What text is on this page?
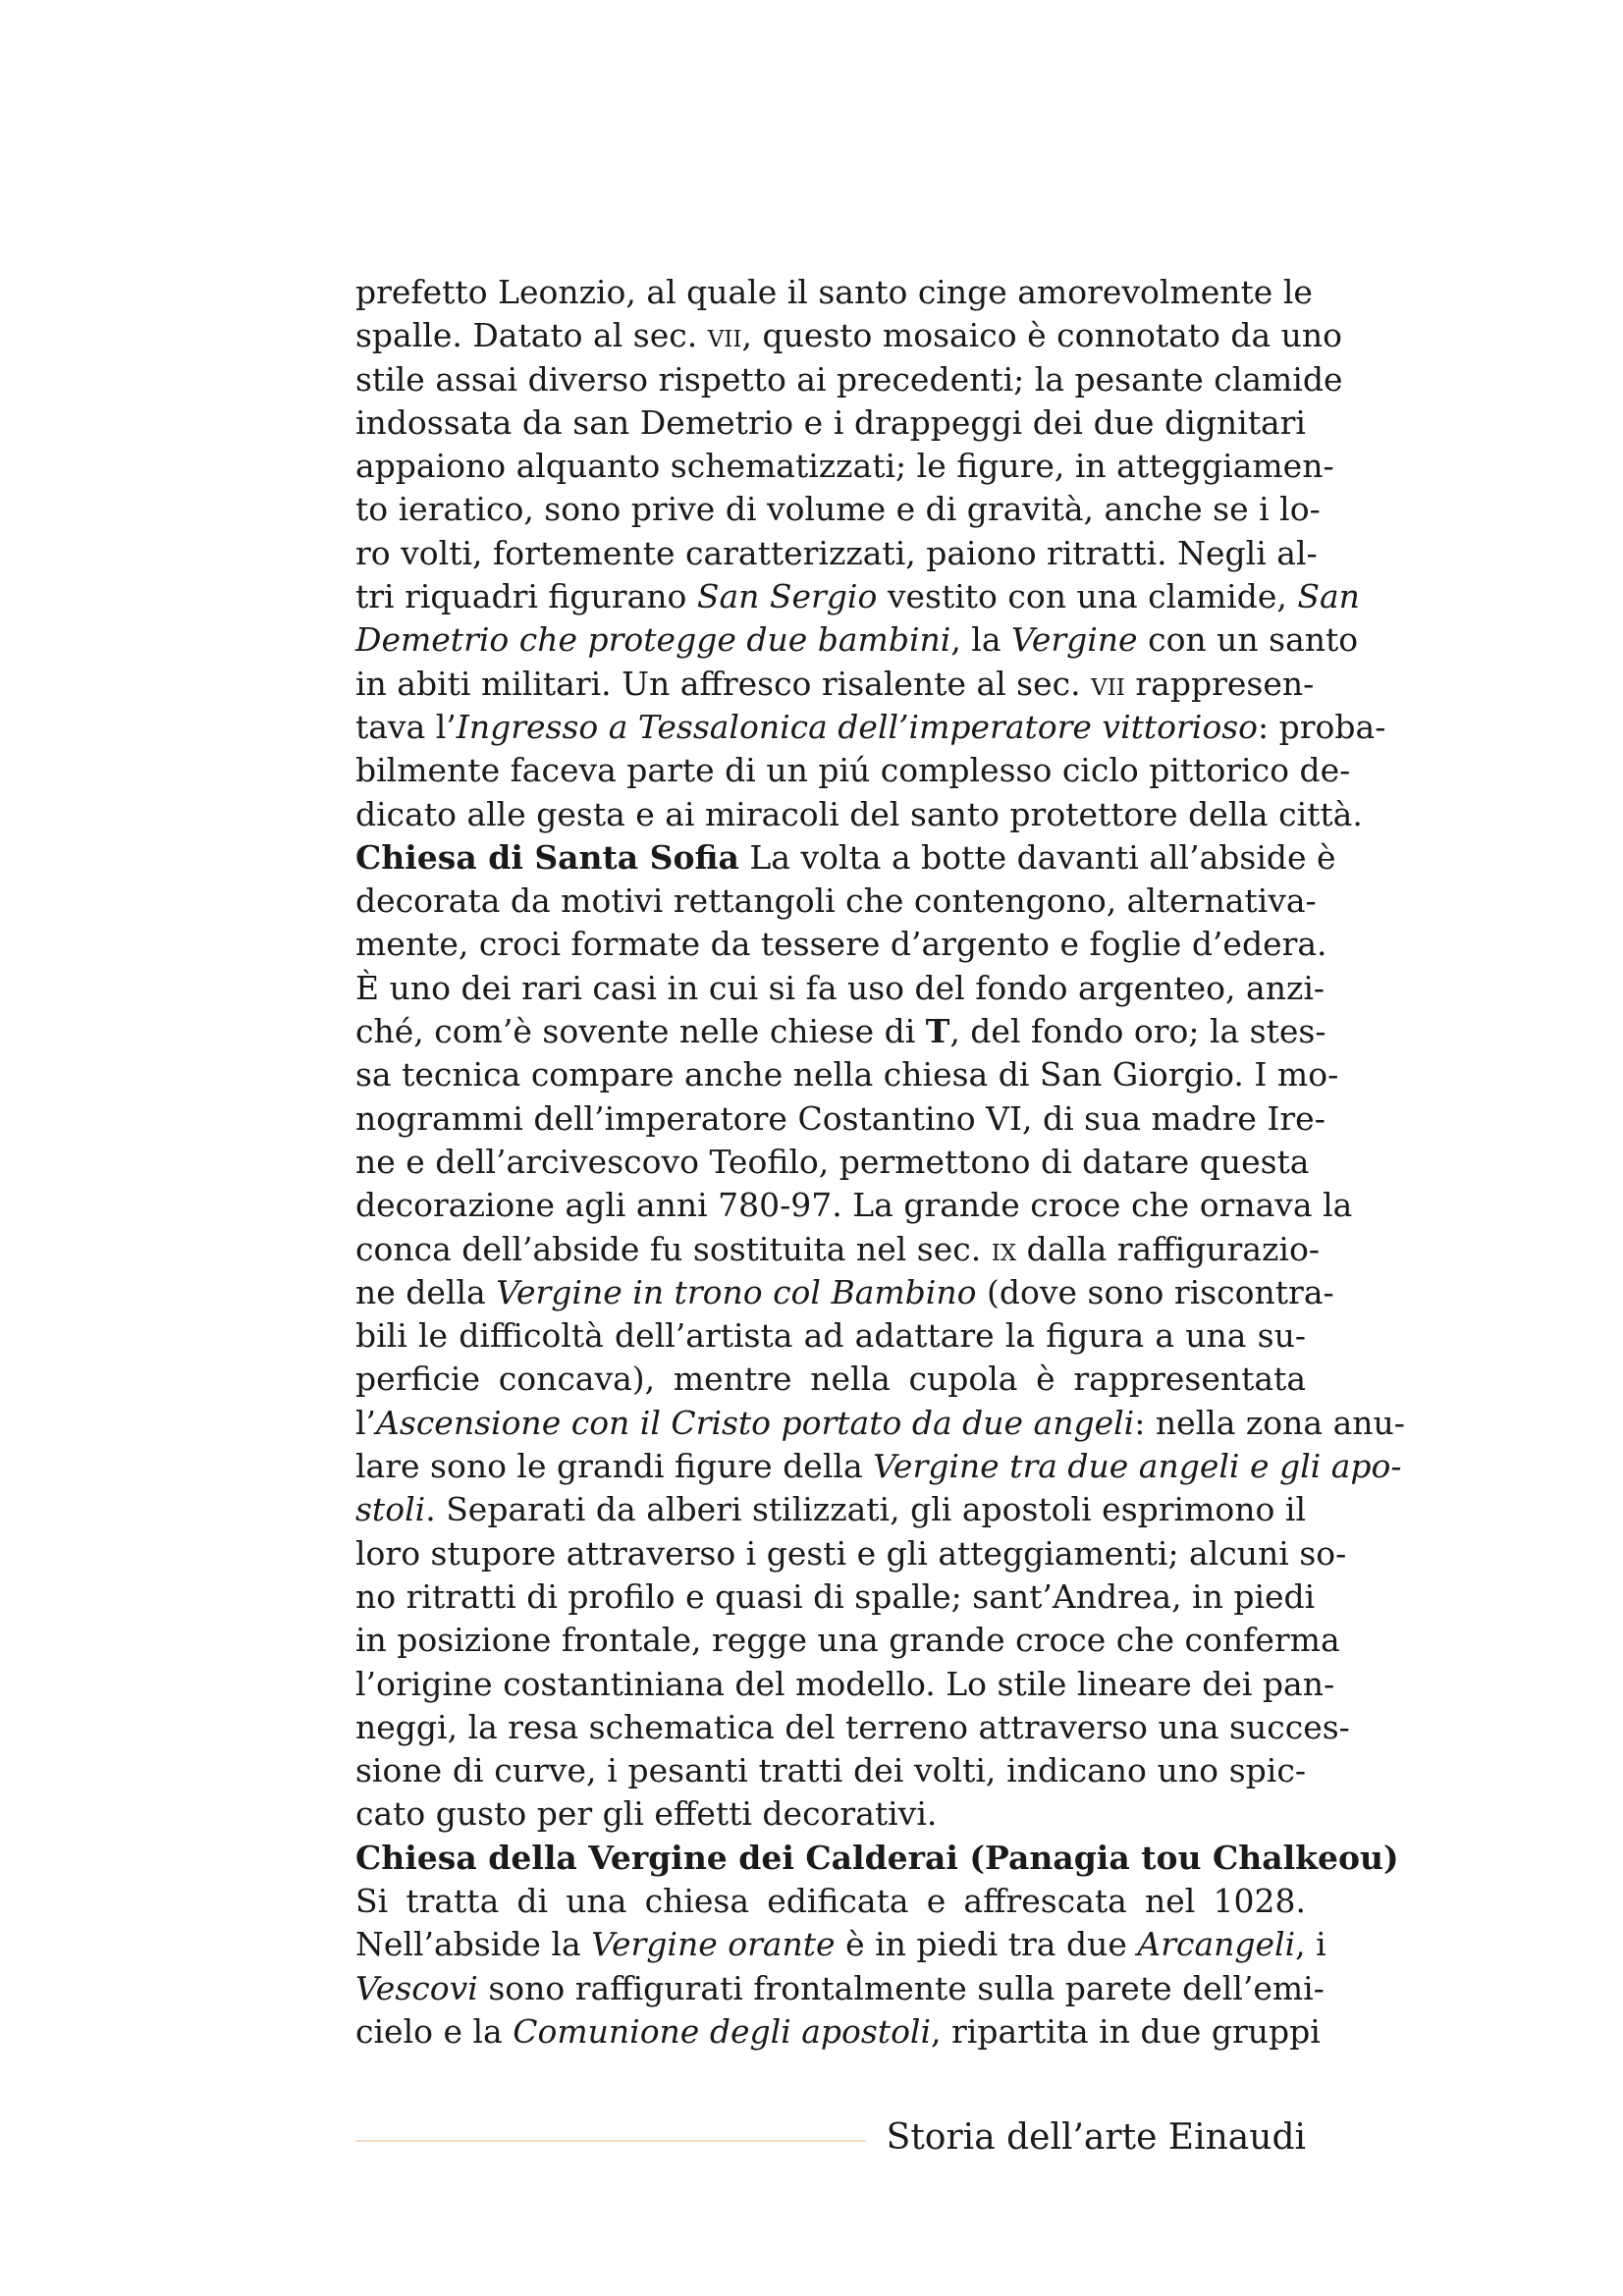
prefetto Leonzio, al quale il santo cinge amorevolmente le
spalle. Datato al sec. vii, questo mosaico è connotato da uno
stile assai diverso rispetto ai precedenti; la pesante clamide
indossata da san Demetrio e i drappeggi dei due dignitari
appaiono alquanto schematizzati; le figure, in atteggiamen-
to ieratico, sono prive di volume e di gravità, anche se i lo-
ro volti, fortemente caratterizzati, paiono ritratti. Negli al-
tri riquadri figurano San Sergio vestito con una clamide, San
Demetrio che protegge due bambini, la Vergine con un santo
in abiti militari. Un affresco risalente al sec. vii rappresen-
tava l’Ingresso a Tessalonica dell’imperatore vittorioso: proba-
bilmente faceva parte di un piú complesso ciclo pittorico de-
dicato alle gesta e ai miracoli del santo protettore della città.
Chiesa di Santa Sofia La volta a botte davanti all’abside è
decorata da motivi rettangoli che contengono, alternativa-
mente, croci formate da tessere d’argento e foglie d’edera.
È uno dei rari casi in cui si fa uso del fondo argenteo, anzi-
ché, com’è sovente nelle chiese di T, del fondo oro; la stes-
sa tecnica compare anche nella chiesa di San Giorgio. I mo-
nogrammi dell’imperatore Costantino VI, di sua madre Ire-
ne e dell’arcivescovo Teofilo, permettono di datare questa
decorazione agli anni 780-97. La grande croce che ornava la
conca dell’abside fu sostituita nel sec. ix dalla raffigurazio-
ne della Vergine in trono col Bambino (dove sono riscontra-
bili le difficoltà dell’artista ad adattare la figura a una su-
perficie concava), mentre nella cupola è rappresentata
l’Ascensione con il Cristo portato da due angeli: nella zona anu-
lare sono le grandi figure della Vergine tra due angeli e gli apo-
stoli. Separati da alberi stilizzati, gli apostoli esprimono il
loro stupore attraverso i gesti e gli atteggiamenti; alcuni so-
no ritratti di profilo e quasi di spalle; sant’Andrea, in piedi
in posizione frontale, regge una grande croce che conferma
l’origine costantiniana del modello. Lo stile lineare dei pan-
neggi, la resa schematica del terreno attraverso una succes-
sione di curve, i pesanti tratti dei volti, indicano uno spic-
cato gusto per gli effetti decorativi.
Chiesa della Vergine dei Calderai (Panagia tou Chalkeou)
Si tratta di una chiesa edificata e affrescata nel 1028.
Nell’abside la Vergine orante è in piedi tra due Arcangeli, i
Vescovi sono raffigurati frontalmente sulla parete dell’emi-
cielo e la Comunione degli apostoli, ripartita in due gruppi
Storia dell’arte Einaudi
